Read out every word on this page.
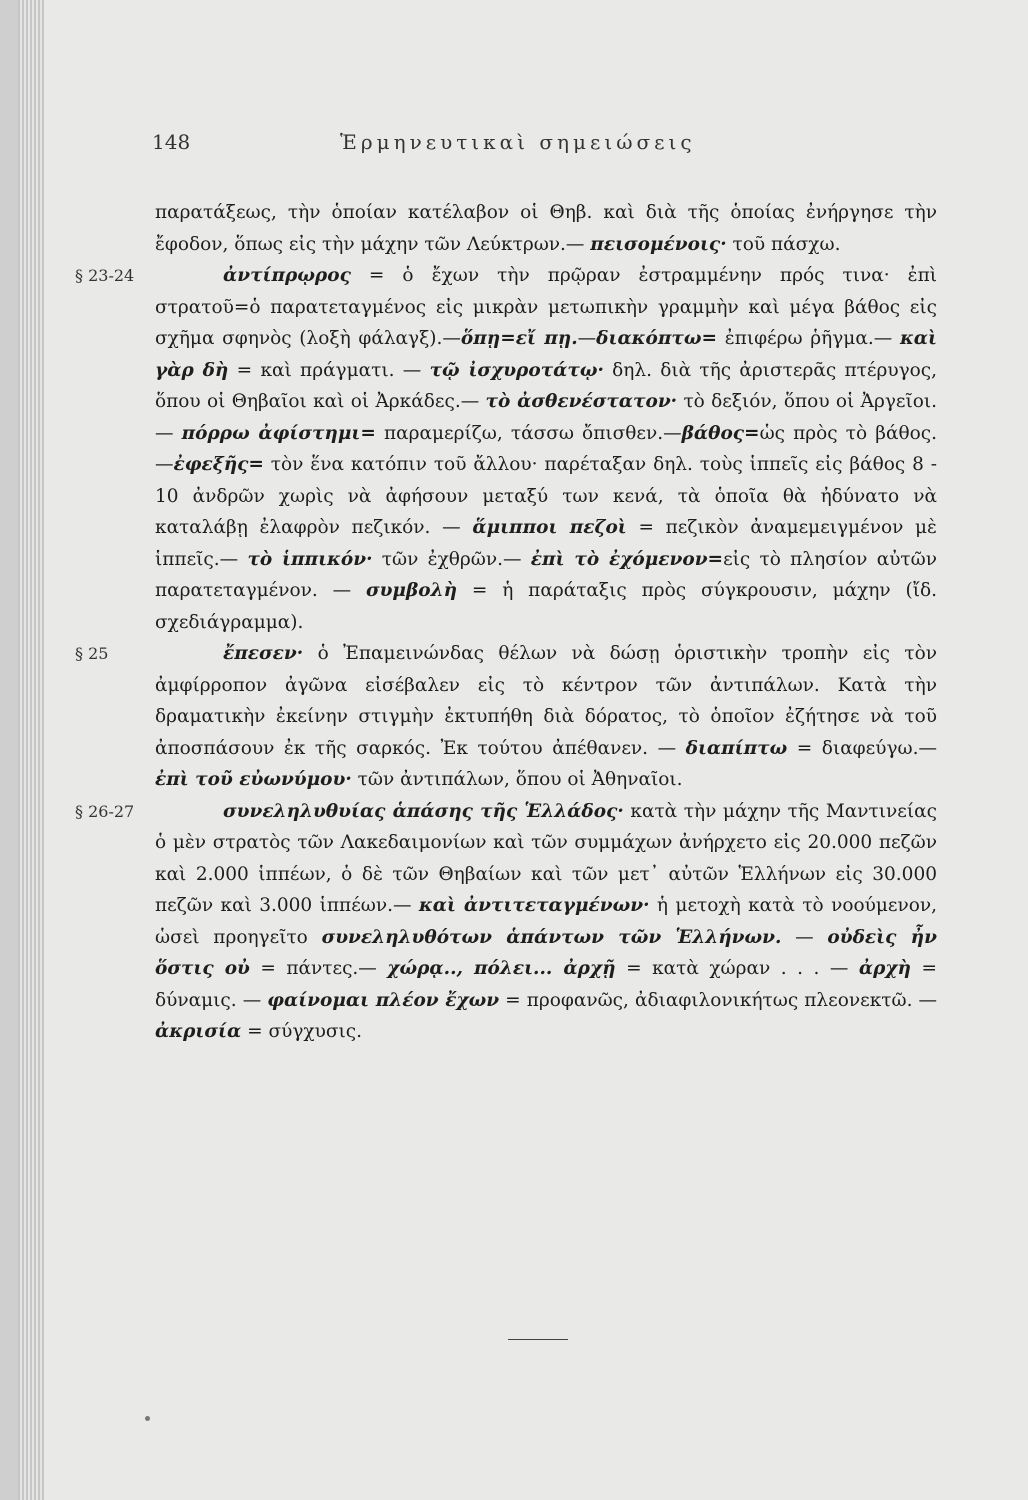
148	Ἑρμηνευτικαὶ σημειώσεις
παρατάξεως, τὴν ὁποίαν κατέλαβον οἱ Θηβ. καὶ διὰ τῆς ὁποίας ἐνήργησε τὴν ἔφοδον, ὅπως εἰς τὴν μάχην τῶν Λεύκτρων.— πεισομένοις· τοῦ πάσχω.
§ 23-24	ἀντίπρῳρος = ὁ ἔχων τὴν πρῷραν ἐστραμμένην πρός τινα· ἐπὶ στρατοῦ=ὁ παρατεταγμένος εἰς μικρὰν μετωπικὴν γραμμὴν καὶ μέγα βάθος εἰς σχῆμα σφηνὸς (λοξὴ φάλαγξ).—ὅπῃ=εἴ πῃ.—διακόπτω= ἐπιφέρω ῥῆγμα.— καὶ γὰρ δὴ = καὶ πράγματι. — τῷ ἰσχυροτάτῳ· δηλ. διὰ τῆς ἀριστερᾶς πτέρυγος, ὅπου οἱ Θηβαῖοι καὶ οἱ Ἀρκάδες.— τὸ ἀσθενέστατον· τὸ δεξιόν, ὅπου οἱ Ἀργεῖοι.— πόρρω ἀφίστημι= παραμερίζω, τάσσω ὄπισθεν.—βάθος=ὡς πρὸς τὸ βάθος.—ἐφεξῆς= τὸν ἕνα κατόπιν τοῦ ἄλλου· παρέταξαν δηλ. τοὺς ἱππεῖς εἰς βάθος 8 - 10 ἀνδρῶν χωρὶς νὰ ἀφήσουν μεταξύ των κενά, τὰ ὁποῖα θὰ ἠδύνατο νὰ καταλάβῃ ἐλαφρὸν πεζικόν. — ἅμιπποι πεζοὶ = πεζικὸν ἀναμεμειγμένον μὲ ἱππεῖς.— τὸ ἱππικόν· τῶν ἐχθρῶν.— ἐπὶ τὸ ἐχόμενον=εἰς τὸ πλησίον αὐτῶν παρατεταγμένον. — συμβολὴ = ἡ παράταξις πρὸς σύγκρουσιν, μάχην (ἴδ. σχεδιάγραμμα).
§ 25	ἔπεσεν· ὁ Ἐπαμεινώνδας θέλων νὰ δώσῃ ὁριστικὴν τροπὴν εἰς τὸν ἀμφίρροπον ἀγῶνα εἰσέβαλεν εἰς τὸ κέντρον τῶν ἀντιπάλων. Κατὰ τὴν δραματικὴν ἐκείνην στιγμὴν ἐκτυπήθη διὰ δόρατος, τὸ ὁποῖον ἐζήτησε νὰ τοῦ ἀποσπάσουν ἐκ τῆς σαρκός. Ἐκ τούτου ἀπέθανεν. — διαπίπτω = διαφεύγω.— ἐπὶ τοῦ εὐωνύμου· τῶν ἀντιπάλων, ὅπου οἱ Ἀθηναῖοι.
§ 26-27	συνεληλυθυίας ἁπάσης τῆς Ἑλλάδος· κατὰ τὴν μάχην τῆς Μαντινείας ὁ μὲν στρατὸς τῶν Λακεδαιμονίων καὶ τῶν συμμάχων ἀνήρχετο εἰς 20.000 πεζῶν καὶ 2.000 ἱππέων, ὁ δὲ τῶν Θηβαίων καὶ τῶν μετ᾽ αὐτῶν Ἑλλήνων εἰς 30.000 πεζῶν καὶ 3.000 ἱππέων.— καὶ ἀντιτεταγμένων· ἡ μετοχὴ κατὰ τὸ νοούμενον, ὡσεὶ προηγεῖτο συνεληλυθότων ἁπάντων τῶν Ἑλλήνων. — οὐδεὶς ἦν ὅστις οὐ = πάντες.— χώρᾳ.., πόλει... ἀρχῇ = κατὰ χώραν . . . — ἀρχὴ = δύναμις. — φαίνομαι πλέον ἔχων = προφανῶς, ἀδιαφιλονικήτως πλεονεκτῶ. — ἀκρισία = σύγχυσις.
